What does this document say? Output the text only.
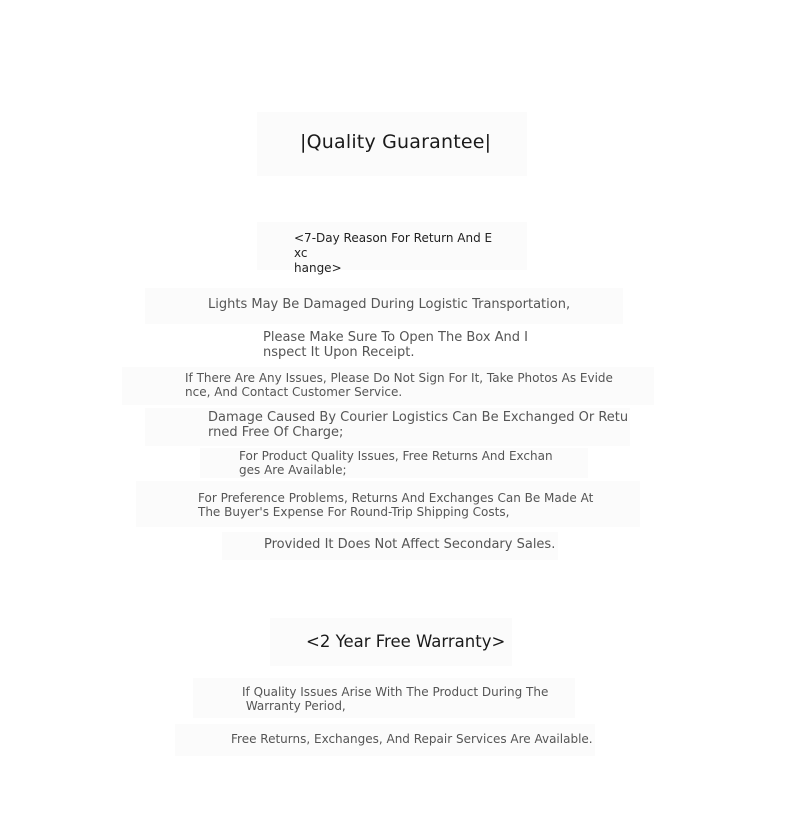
|Quality Guarantee|
<7-Day Reason For Return And Exc
hange>
Lights May Be Damaged During Logistic Transportation,
Please Make Sure To Open The Box And I
nspect It Upon Receipt.
If There Are Any Issues, Please Do Not Sign For It, Take Photos As Evide
nce, And Contact Customer Service.
Damage Caused By Courier Logistics Can Be Exchanged Or Retu
rned Free Of Charge;
For Product Quality Issues, Free Returns And Exchan
ges Are Available;
For Preference Problems, Returns And Exchanges Can Be Made At
The Buyer's Expense For Round-Trip Shipping Costs,
Provided It Does Not Affect Secondary Sales.
<2 Year Free Warranty>
If Quality Issues Arise With The Product During The
Warranty Period,
Free Returns, Exchanges, And Repair Services Are Available.
